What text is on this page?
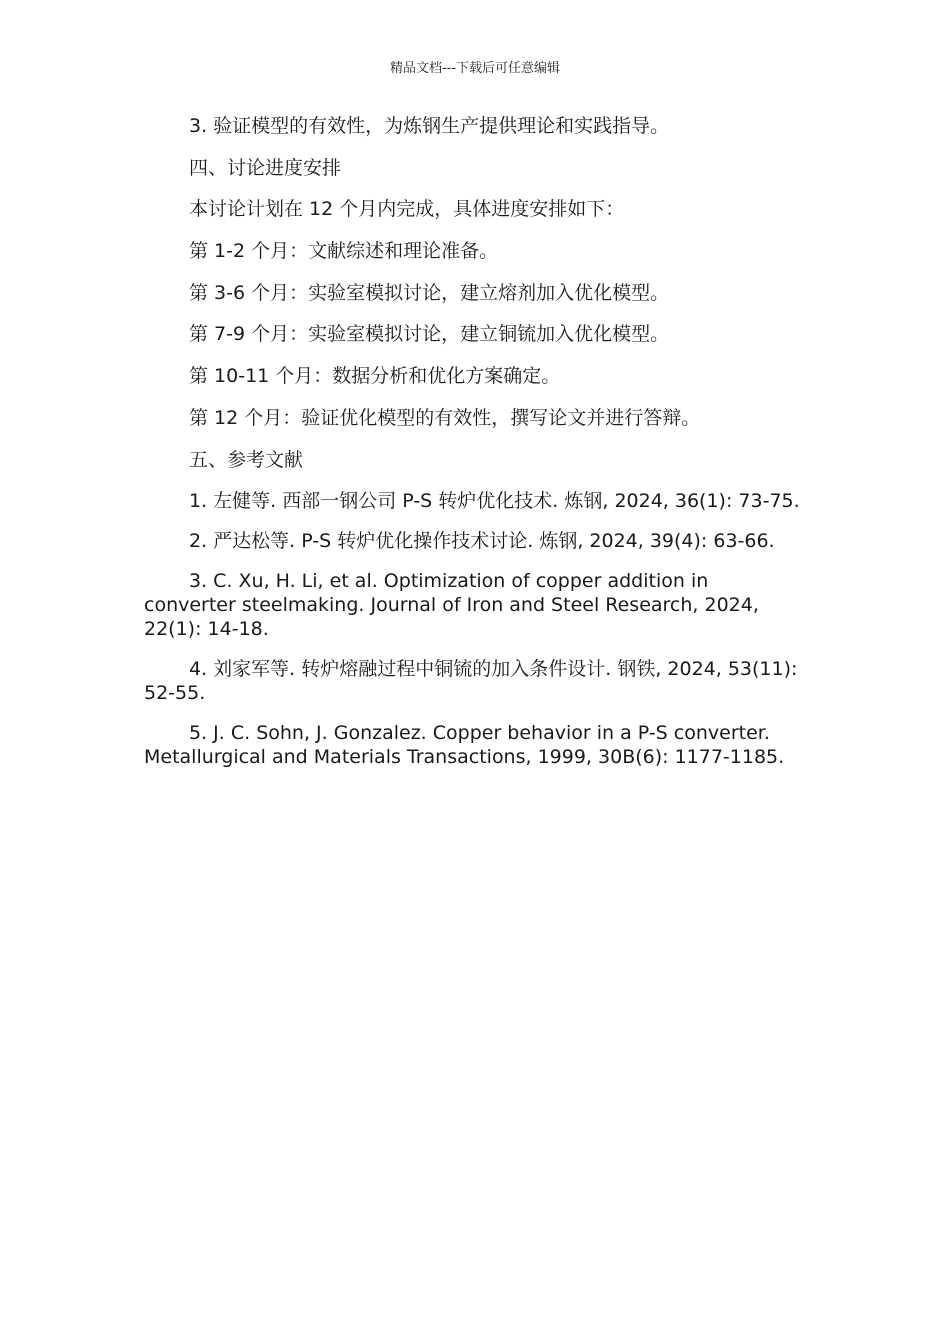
精品文档---下载后可任意编辑

3. 验证模型的有效性，为炼钢生产提供理论和实践指导。

四、讨论进度安排

本讨论计划在 12 个月内完成，具体进度安排如下：

第 1-2 个月：文献综述和理论准备。

第 3-6 个月：实验室模拟讨论，建立熔剂加入优化模型。

第 7-9 个月：实验室模拟讨论，建立铜锍加入优化模型。

第 10-11 个月：数据分析和优化方案确定。

第 12 个月：验证优化模型的有效性，撰写论文并进行答辩。

五、参考文献

1. 左健等. 西部一钢公司 P-S 转炉优化技术. 炼钢, 2024, 36(1): 73-75.

2. 严达松等. P-S 转炉优化操作技术讨论. 炼钢, 2024, 39(4): 63-66.

3. C. Xu, H. Li, et al. Optimization of copper addition in converter steelmaking. Journal of Iron and Steel Research, 2024, 22(1): 14-18.

4. 刘家军等. 转炉熔融过程中铜锍的加入条件设计. 钢铁, 2024, 53(11): 52-55.

5. J. C. Sohn, J. Gonzalez. Copper behavior in a P-S converter. Metallurgical and Materials Transactions, 1999, 30B(6): 1177-1185.
